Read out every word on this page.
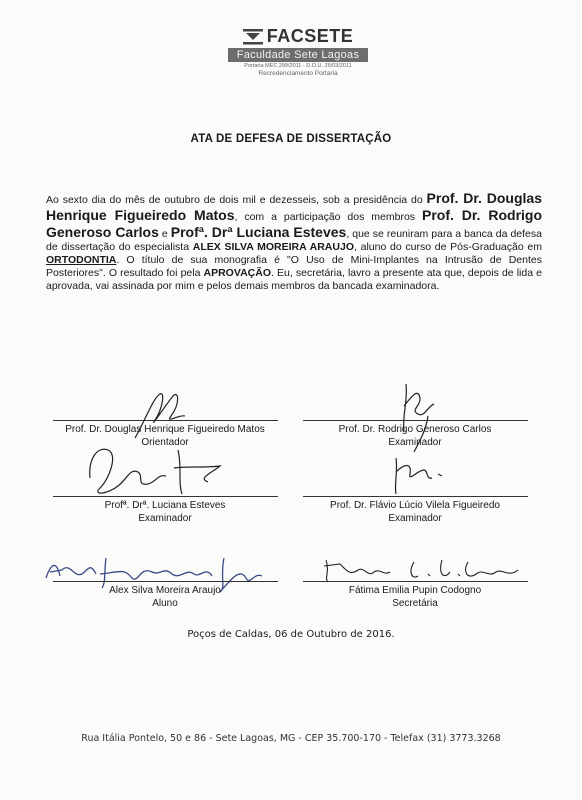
FACSETE
Faculdade Sete Lagoas
Portaria MEC 299/2011 - D.O.U. 25/03/2011
Recredenciamento Portaria
ATA DE DEFESA DE DISSERTAÇÃO
Ao sexto dia do mês de outubro de dois mil e dezesseis, sob a presidência do Prof. Dr. Douglas Henrique Figueiredo Matos, com a participação dos membros Prof. Dr. Rodrigo Generoso Carlos e Profª. Drª Luciana Esteves, que se reuniram para a banca da defesa de dissertação do especialista ALEX SILVA MOREIRA ARAUJO, aluno do curso de Pós-Graduação em ORTODONTIA. O título de sua monografia é "O Uso de Mini-Implantes na Intrusão de Dentes Posteriores". O resultado foi pela APROVAÇÃO. Eu, secretária, lavro a presente ata que, depois de lida e aprovada, vai assinada por mim e pelos demais membros da bancada examinadora.
Prof. Dr. Douglas Henrique Figueiredo Matos
Orientador
Prof. Dr. Rodrigo Generoso Carlos
Examinador
Profª. Drª. Luciana Esteves
Examinador
Prof. Dr. Flávio Lúcio Vilela Figueiredo
Examinador
Alex Silva Moreira Araujo
Aluno
Fátima Emilia Pupin Codogno
Secretária
Poços de Caldas, 06 de Outubro de 2016.
Rua Itália Pontelo, 50 e 86 - Sete Lagoas, MG - CEP 35.700-170 - Telefax (31) 3773.3268
